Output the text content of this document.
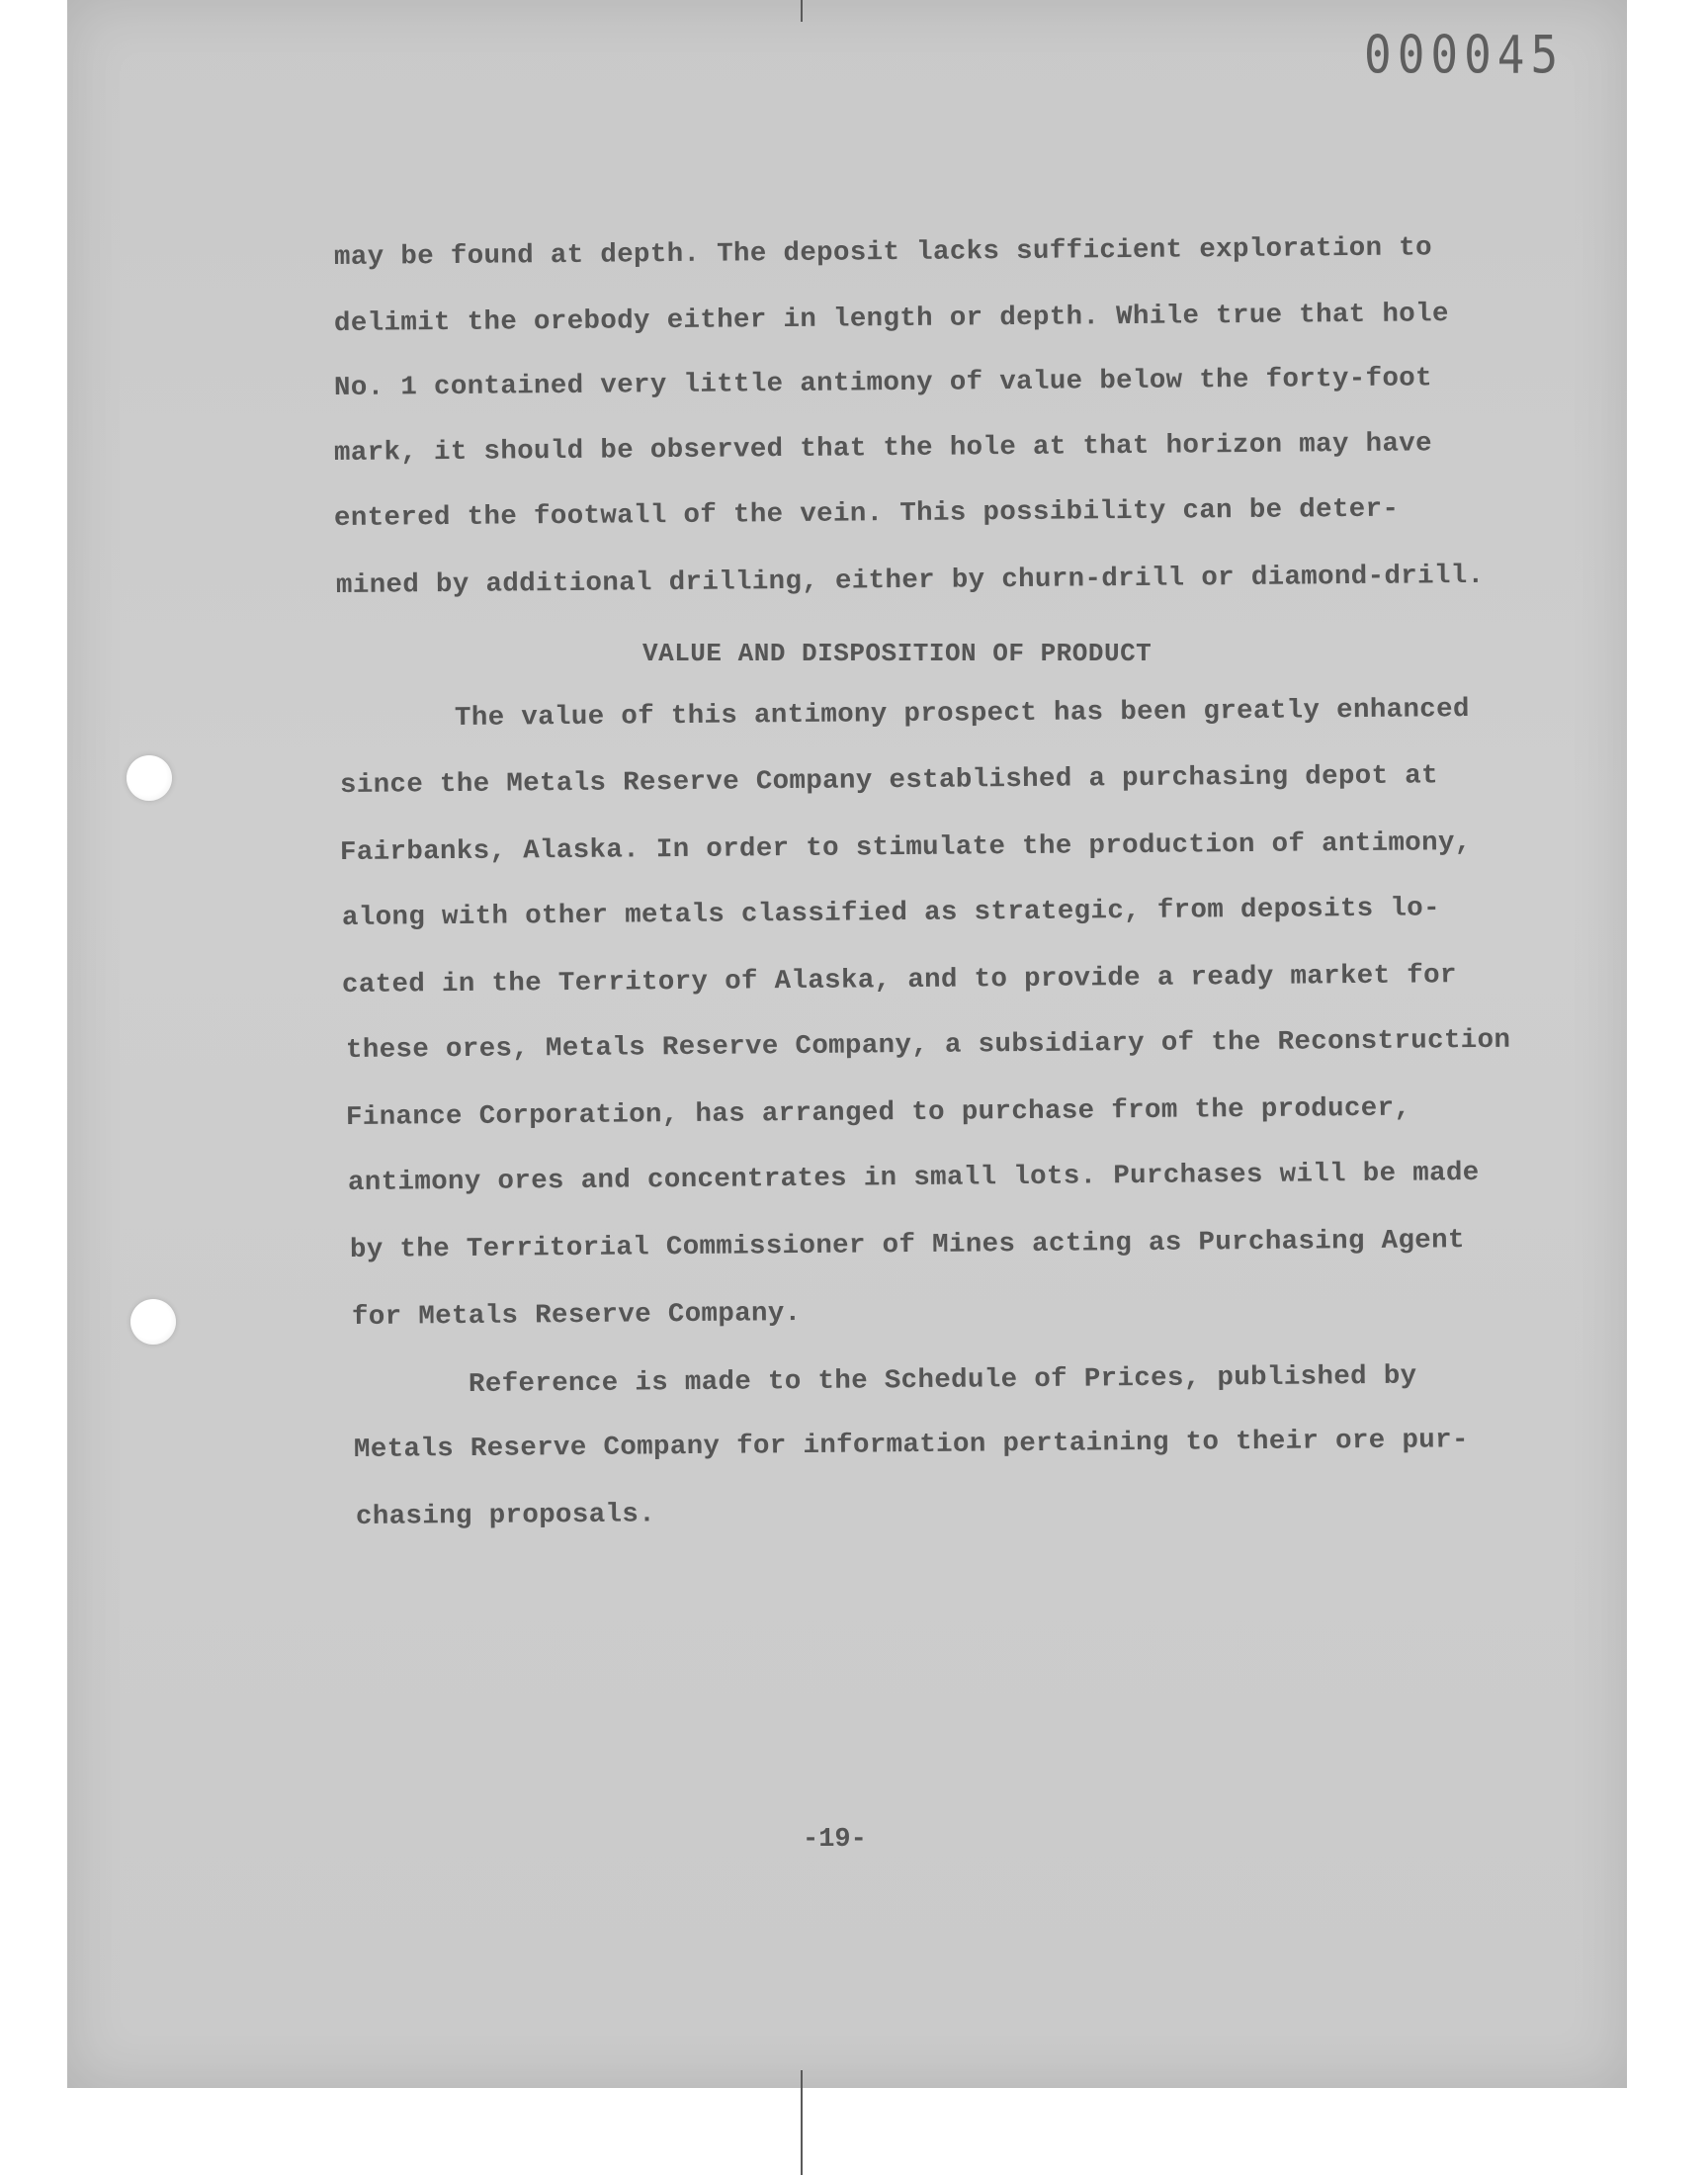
000045
may be found at depth. The deposit lacks sufficient exploration to
delimit the orebody either in length or depth. While true that hole
No. 1 contained very little antimony of value below the forty-foot
mark, it should be observed that the hole at that horizon may have
entered the footwall of the vein. This possibility can be deter-
mined by additional drilling, either by churn-drill or diamond-drill.
VALUE AND DISPOSITION OF PRODUCT
The value of this antimony prospect has been greatly enhanced
since the Metals Reserve Company established a purchasing depot at
Fairbanks, Alaska. In order to stimulate the production of antimony,
along with other metals classified as strategic, from deposits lo-
cated in the Territory of Alaska, and to provide a ready market for
these ores, Metals Reserve Company, a subsidiary of the Reconstruction
Finance Corporation, has arranged to purchase from the producer,
antimony ores and concentrates in small lots. Purchases will be made
by the Territorial Commissioner of Mines acting as Purchasing Agent
for Metals Reserve Company.
Reference is made to the Schedule of Prices, published by
Metals Reserve Company for information pertaining to their ore pur-
chasing proposals.
-19-
